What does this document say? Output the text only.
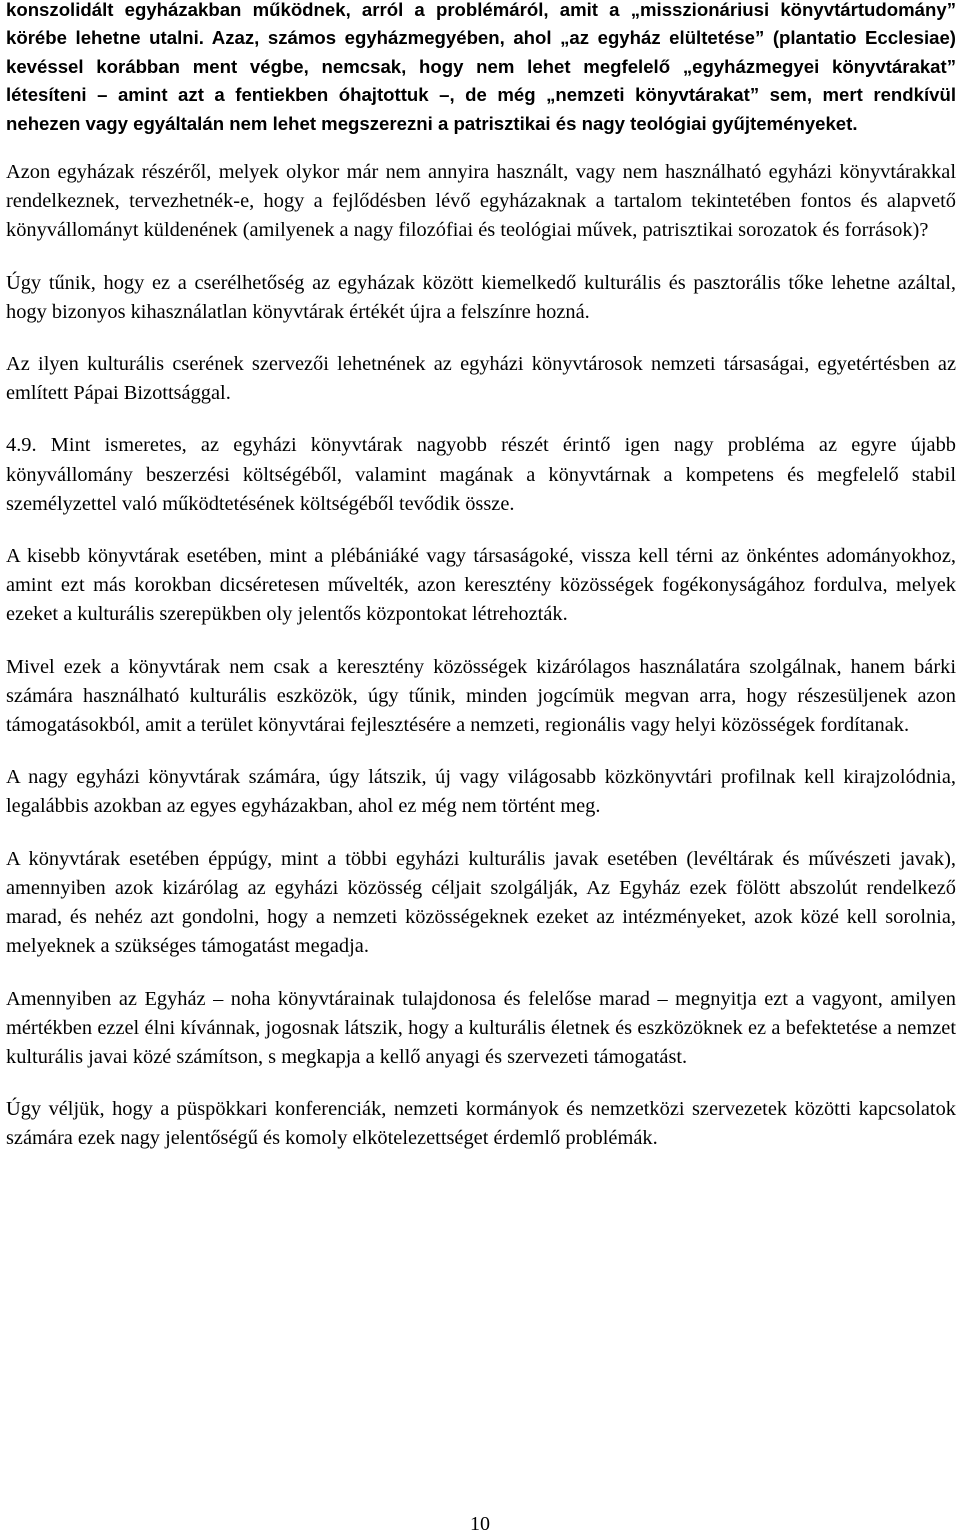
konszolidált egyházakban működnek, arról a problémáról, amit a „misszionáriusi könyvtártudomány” körébe lehetne utalni. Azaz, számos egyházmegyében, ahol „az egyház elültetése” (plantatio Ecclesiae) kevéssel korábban ment végbe, nemcsak, hogy nem lehet megfelelő „egyházmegyei könyvtárakat” létesíteni – amint azt a fentiekben óhajtottuk –, de még „nemzeti könyvtárakat” sem, mert rendkívül nehezen vagy egyáltalán nem lehet megszerezni a patrisztikai és nagy teológiai gyűjteményeket.

Azon egyházak részéről, melyek olykor már nem annyira használt, vagy nem használható egyházi könyvtárakkal rendelkeznek, tervezhetnék-e, hogy a fejlődésben lévő egyházaknak a tartalom tekintetében fontos és alapvető könyvállományt küldenének (amilyenek a nagy filozófiai és teológiai művek, patrisztikai sorozatok és források)?

Úgy tűnik, hogy ez a cserélhetőség az egyházak között kiemelkedő kulturális és pasztorális tőke lehetne azáltal, hogy bizonyos kihasználatlan könyvtárak értékét újra a felszínre hozná.

Az ilyen kulturális cserének szervezői lehetnének az egyházi könyvtárosok nemzeti társaságai, egyetértésben az említett Pápai Bizottsággal.

4.9. Mint ismeretes, az egyházi könyvtárak nagyobb részét érintő igen nagy probléma az egyre újabb könyvállomány beszerzési költségéből, valamint magának a könyvtárnak a kompetens és megfelelő stabil személyzettel való működtetésének költségéből tevődik össze.

A kisebb könyvtárak esetében, mint a plébániáké vagy társaságoké, vissza kell térni az önkéntes adományokhoz, amint ezt más korokban dicséretesen művelték, azon keresztény közösségek fogékonyságához fordulva, melyek ezeket a kulturális szerepükben oly jelentős központokat létrehozták.

Mivel ezek a könyvtárak nem csak a keresztény közösségek kizárólagos használatára szolgálnak, hanem bárki számára használható kulturális eszközök, úgy tűnik, minden jogcímük megvan arra, hogy részesüljenek azon támogatásokból, amit a terület könyvtárai fejlesztésére a nemzeti, regionális vagy helyi közösségek fordítanak.

A nagy egyházi könyvtárak számára, úgy látszik, új vagy világosabb közkönyvtári profilnak kell kirajzolódnia, legalábbis azokban az egyes egyházakban, ahol ez még nem történt meg.

A könyvtárak esetében éppúgy, mint a többi egyházi kulturális javak esetében (levéltárak és művészeti javak), amennyiben azok kizárólag az egyházi közösség céljait szolgálják, Az Egyház ezek fölött abszolút rendelkező marad, és nehéz azt gondolni, hogy a nemzeti közösségeknek ezeket az intézményeket, azok közé kell sorolnia, melyeknek a szükséges támogatást megadja.

Amennyiben az Egyház – noha könyvtárainak tulajdonosa és felelőse marad – megnyitja ezt a vagyont, amilyen mértékben ezzel élni kívánnak, jogosnak látszik, hogy a kulturális életnek és eszközöknek ez a befektetése a nemzet kulturális javai közé számítson, s megkapja a kellő anyagi és szervezeti támogatást.

Úgy véljük, hogy a püspökkari konferenciák, nemzeti kormányok és nemzetközi szervezetek közötti kapcsolatok számára ezek nagy jelentőségű és komoly elkötelezettséget érdemlő problémák.

10
